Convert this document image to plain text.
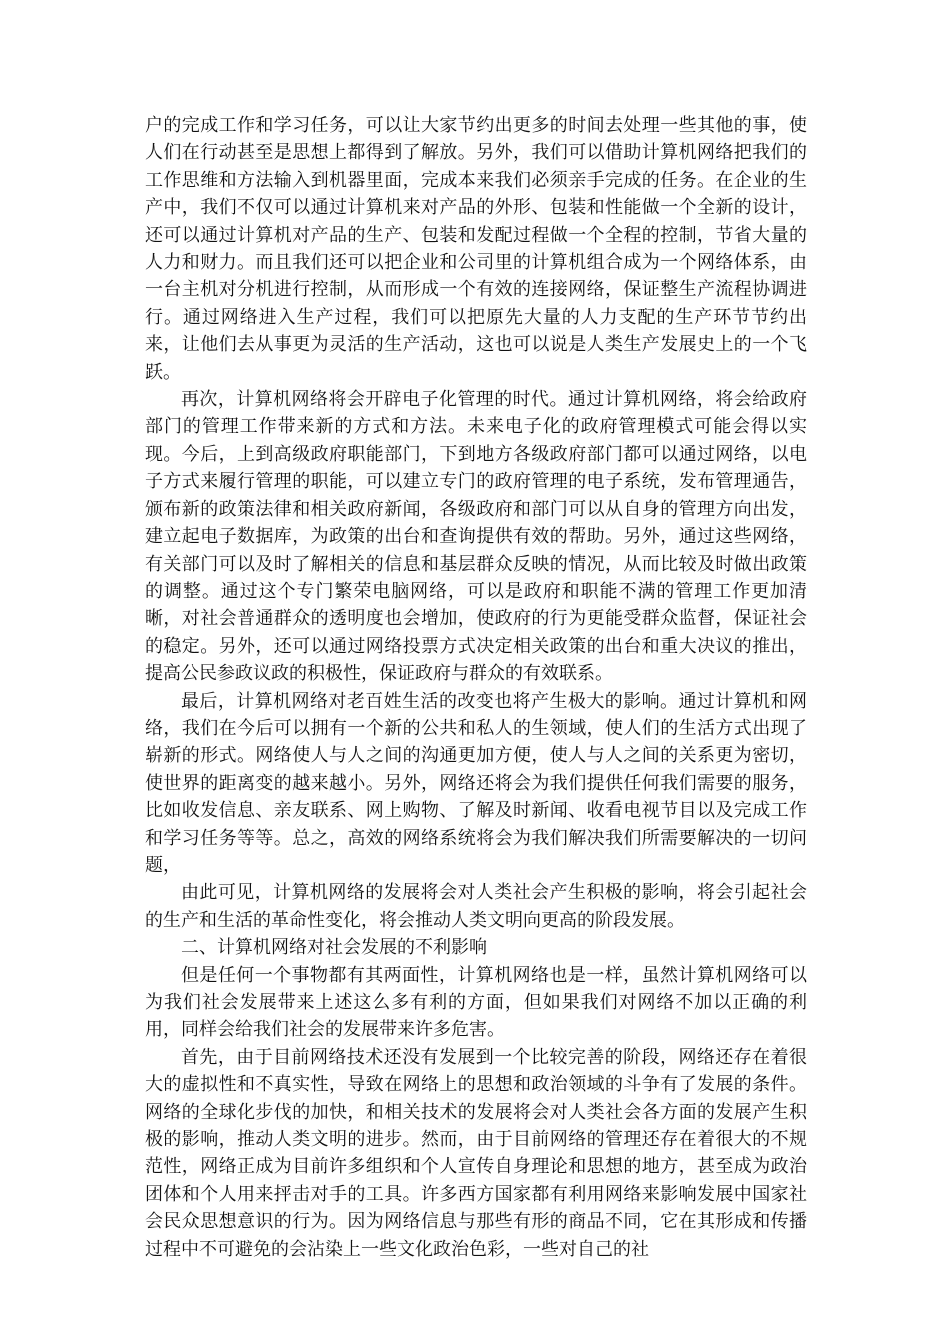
户的完成工作和学习任务，可以让大家节约出更多的时间去处理一些其他的事，使人们在行动甚至是思想上都得到了解放。另外，我们可以借助计算机网络把我们的工作思维和方法输入到机器里面，完成本来我们必须亲手完成的任务。在企业的生产中，我们不仅可以通过计算机来对产品的外形、包装和性能做一个全新的设计，还可以通过计算机对产品的生产、包装和发配过程做一个全程的控制，节省大量的人力和财力。而且我们还可以把企业和公司里的计算机组合成为一个网络体系，由一台主机对分机进行控制，从而形成一个有效的连接网络，保证整生产流程协调进行。通过网络进入生产过程，我们可以把原先大量的人力支配的生产环节节约出来，让他们去从事更为灵活的生产活动，这也可以说是人类生产发展史上的一个飞跃。

再次，计算机网络将会开辟电子化管理的时代。通过计算机网络，将会给政府部门的管理工作带来新的方式和方法。未来电子化的政府管理模式可能会得以实现。今后，上到高级政府职能部门，下到地方各级政府部门都可以通过网络，以电子方式来履行管理的职能，可以建立专门的政府管理的电子系统，发布管理通告，颁布新的政策法律和相关政府新闻，各级政府和部门可以从自身的管理方向出发，建立起电子数据库，为政策的出台和查询提供有效的帮助。另外，通过这些网络，有关部门可以及时了解相关的信息和基层群众反映的情况，从而比较及时做出政策的调整。通过这个专门繁荣电脑网络，可以是政府和职能不满的管理工作更加清晰，对社会普通群众的透明度也会增加，使政府的行为更能受群众监督，保证社会的稳定。另外，还可以通过网络投票方式决定相关政策的出台和重大决议的推出，提高公民参政议政的积极性，保证政府与群众的有效联系。

最后，计算机网络对老百姓生活的改变也将产生极大的影响。通过计算机和网络，我们在今后可以拥有一个新的公共和私人的生领域，使人们的生活方式出现了崭新的形式。网络使人与人之间的沟通更加方便，使人与人之间的关系更为密切，使世界的距离变的越来越小。另外，网络还将会为我们提供任何我们需要的服务，比如收发信息、亲友联系、网上购物、了解及时新闻、收看电视节目以及完成工作和学习任务等等。总之，高效的网络系统将会为我们解决我们所需要解决的一切问题，

由此可见，计算机网络的发展将会对人类社会产生积极的影响，将会引起社会的生产和生活的革命性变化，将会推动人类文明向更高的阶段发展。

二、计算机网络对社会发展的不利影响

但是任何一个事物都有其两面性，计算机网络也是一样，虽然计算机网络可以为我们社会发展带来上述这么多有利的方面，但如果我们对网络不加以正确的利用，同样会给我们社会的发展带来许多危害。

首先，由于目前网络技术还没有发展到一个比较完善的阶段，网络还存在着很大的虚拟性和不真实性，导致在网络上的思想和政治领域的斗争有了发展的条件。网络的全球化步伐的加快，和相关技术的发展将会对人类社会各方面的发展产生积极的影响，推动人类文明的进步。然而，由于目前网络的管理还存在着很大的不规范性，网络正成为目前许多组织和个人宣传自身理论和思想的地方，甚至成为政治团体和个人用来抨击对手的工具。许多西方国家都有利用网络来影响发展中国家社会民众思想意识的行为。因为网络信息与那些有形的商品不同，它在其形成和传播过程中不可避免的会沾染上一些文化政治色彩，一些对自己的社
